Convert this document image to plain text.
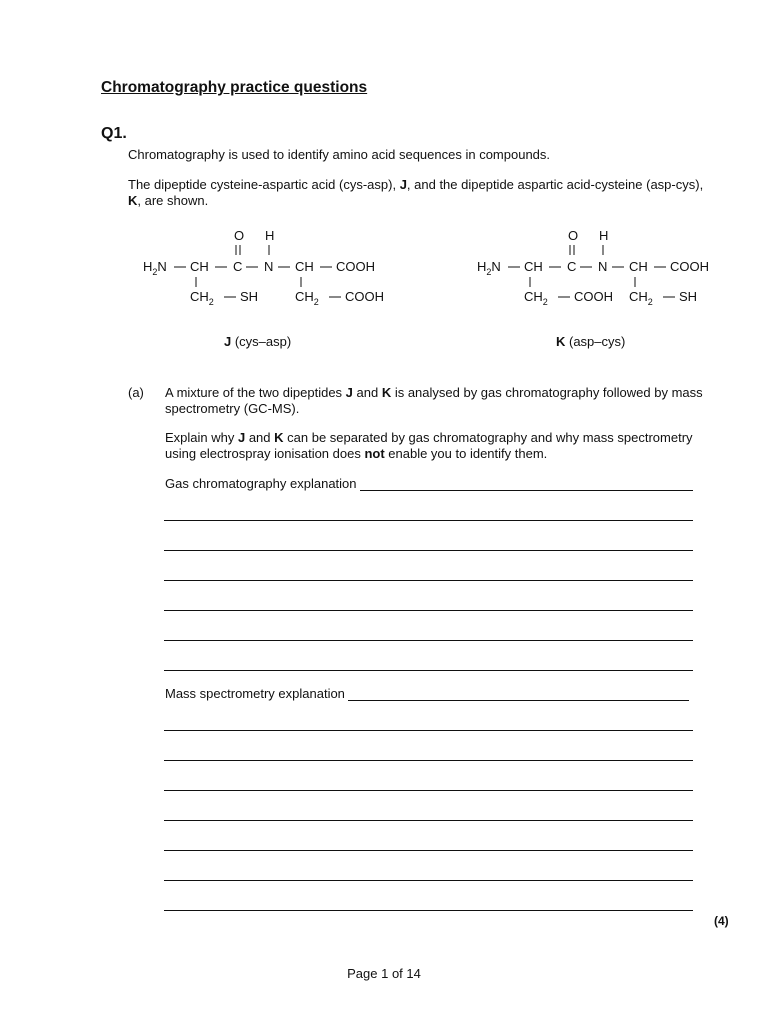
Chromatography practice questions
Q1.
Chromatography is used to identify amino acid sequences in compounds.
The dipeptide cysteine-aspartic acid (cys-asp), J, and the dipeptide aspartic acid-cysteine (asp-cys), K, are shown.
O H
$H_2N$ CH C N CH COOH
$CH_2$ SH	$CH_2$ COOH
O H
$H_2N$ CH C N CH COOH
$CH_2$ COOH $CH_2$ SH
J (cys–asp)	K (asp–cys)
(a) A mixture of the two dipeptides J and K is analysed by gas chromatography followed by mass spectrometry (GC-MS).
Explain why J and K can be separated by gas chromatography and why mass spectrometry using electrospray ionisation does not enable you to identify them.
Gas chromatography explanation
Mass spectrometry explanation
(4)
Page 1 of 14
